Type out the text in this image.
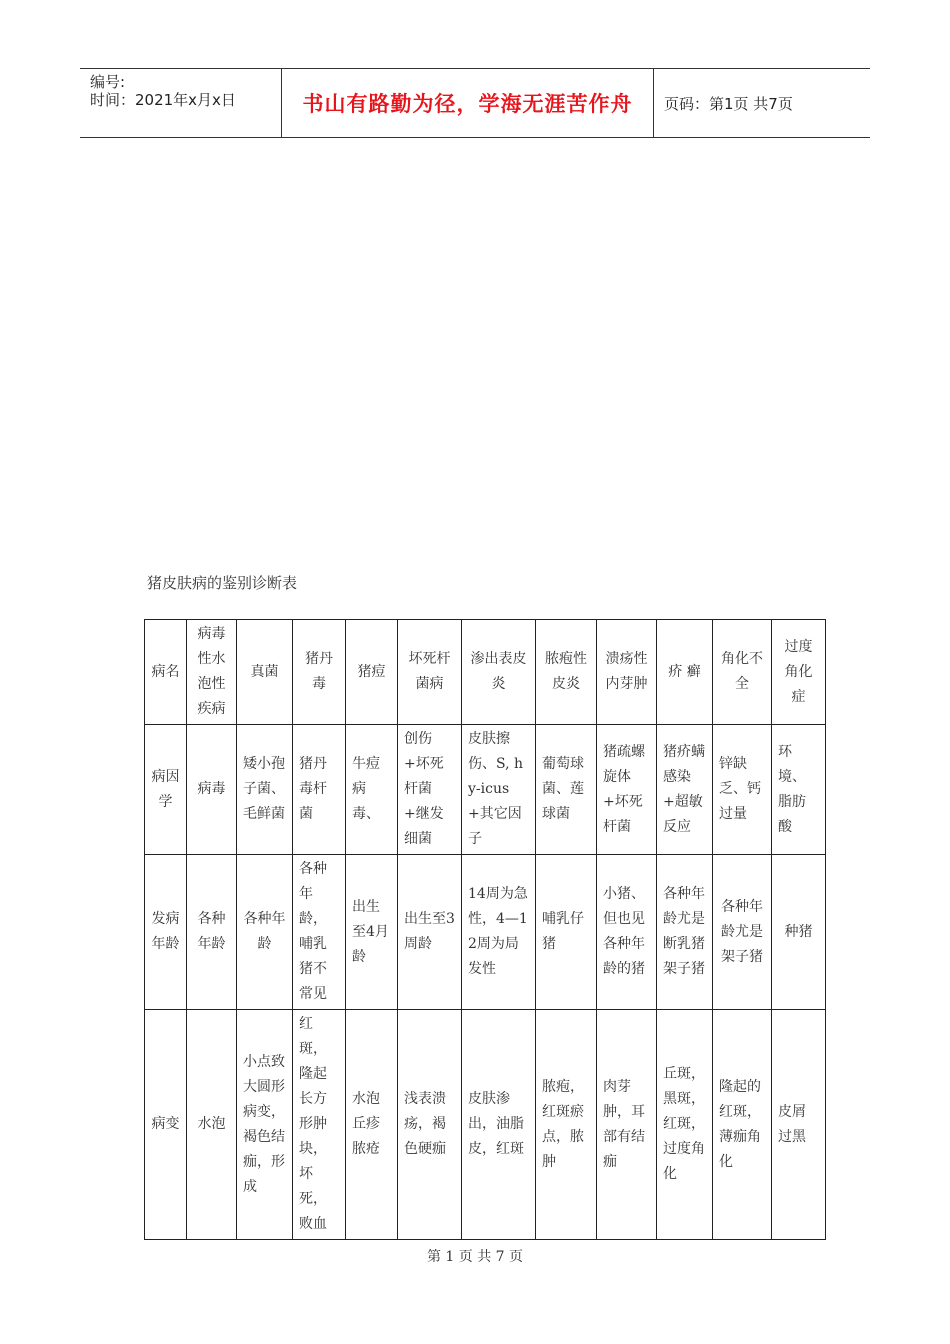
编号:
时间：2021年x月x日	书山有路勤为径，学海无涯苦作舟	页码：第1页 共7页
猪皮肤病的鉴别诊断表
病名	病毒性水泡性疾病	真菌	猪丹毒	猪痘	坏死杆菌病	渗出表皮炎	脓疱性皮炎	溃疡性内芽肿	疥 癣	角化不全	过度角化症
病因学	病毒	矮小孢子菌、毛鲜菌	猪丹毒杆菌	牛痘病毒、	创伤+坏死杆菌+继发细菌	皮肤擦伤、S, hy-icus+其它因子	葡萄球菌、莲球菌	猪疏螺旋体+坏死杆菌	猪疥螨感染+超敏反应	锌缺乏、钙过量	环境、脂肪酸
发病年龄	各种年龄	各种年龄	各种年龄，哺乳猪不常见	出生至4月龄	出生至3周龄	14周为急性，4—12周为局发性	哺乳仔猪	小猪、但也见各种年龄的猪	各种年龄尤是断乳猪架子猪	各种年龄尤是架子猪	种猪
病变	水泡	小点致大圆形病变，褐色结痂，形成	红斑，隆起长方形肿块，坏死，败血	水泡丘疹脓疮	浅表溃疡，褐色硬痂	皮肤渗出，油脂皮，红斑	脓疱，红斑瘀点，脓肿	肉芽肿，耳部有结痂	丘斑，黑斑，红斑，过度角化	隆起的红斑，薄痂角化	皮屑过黑
第 1 页 共 7 页
